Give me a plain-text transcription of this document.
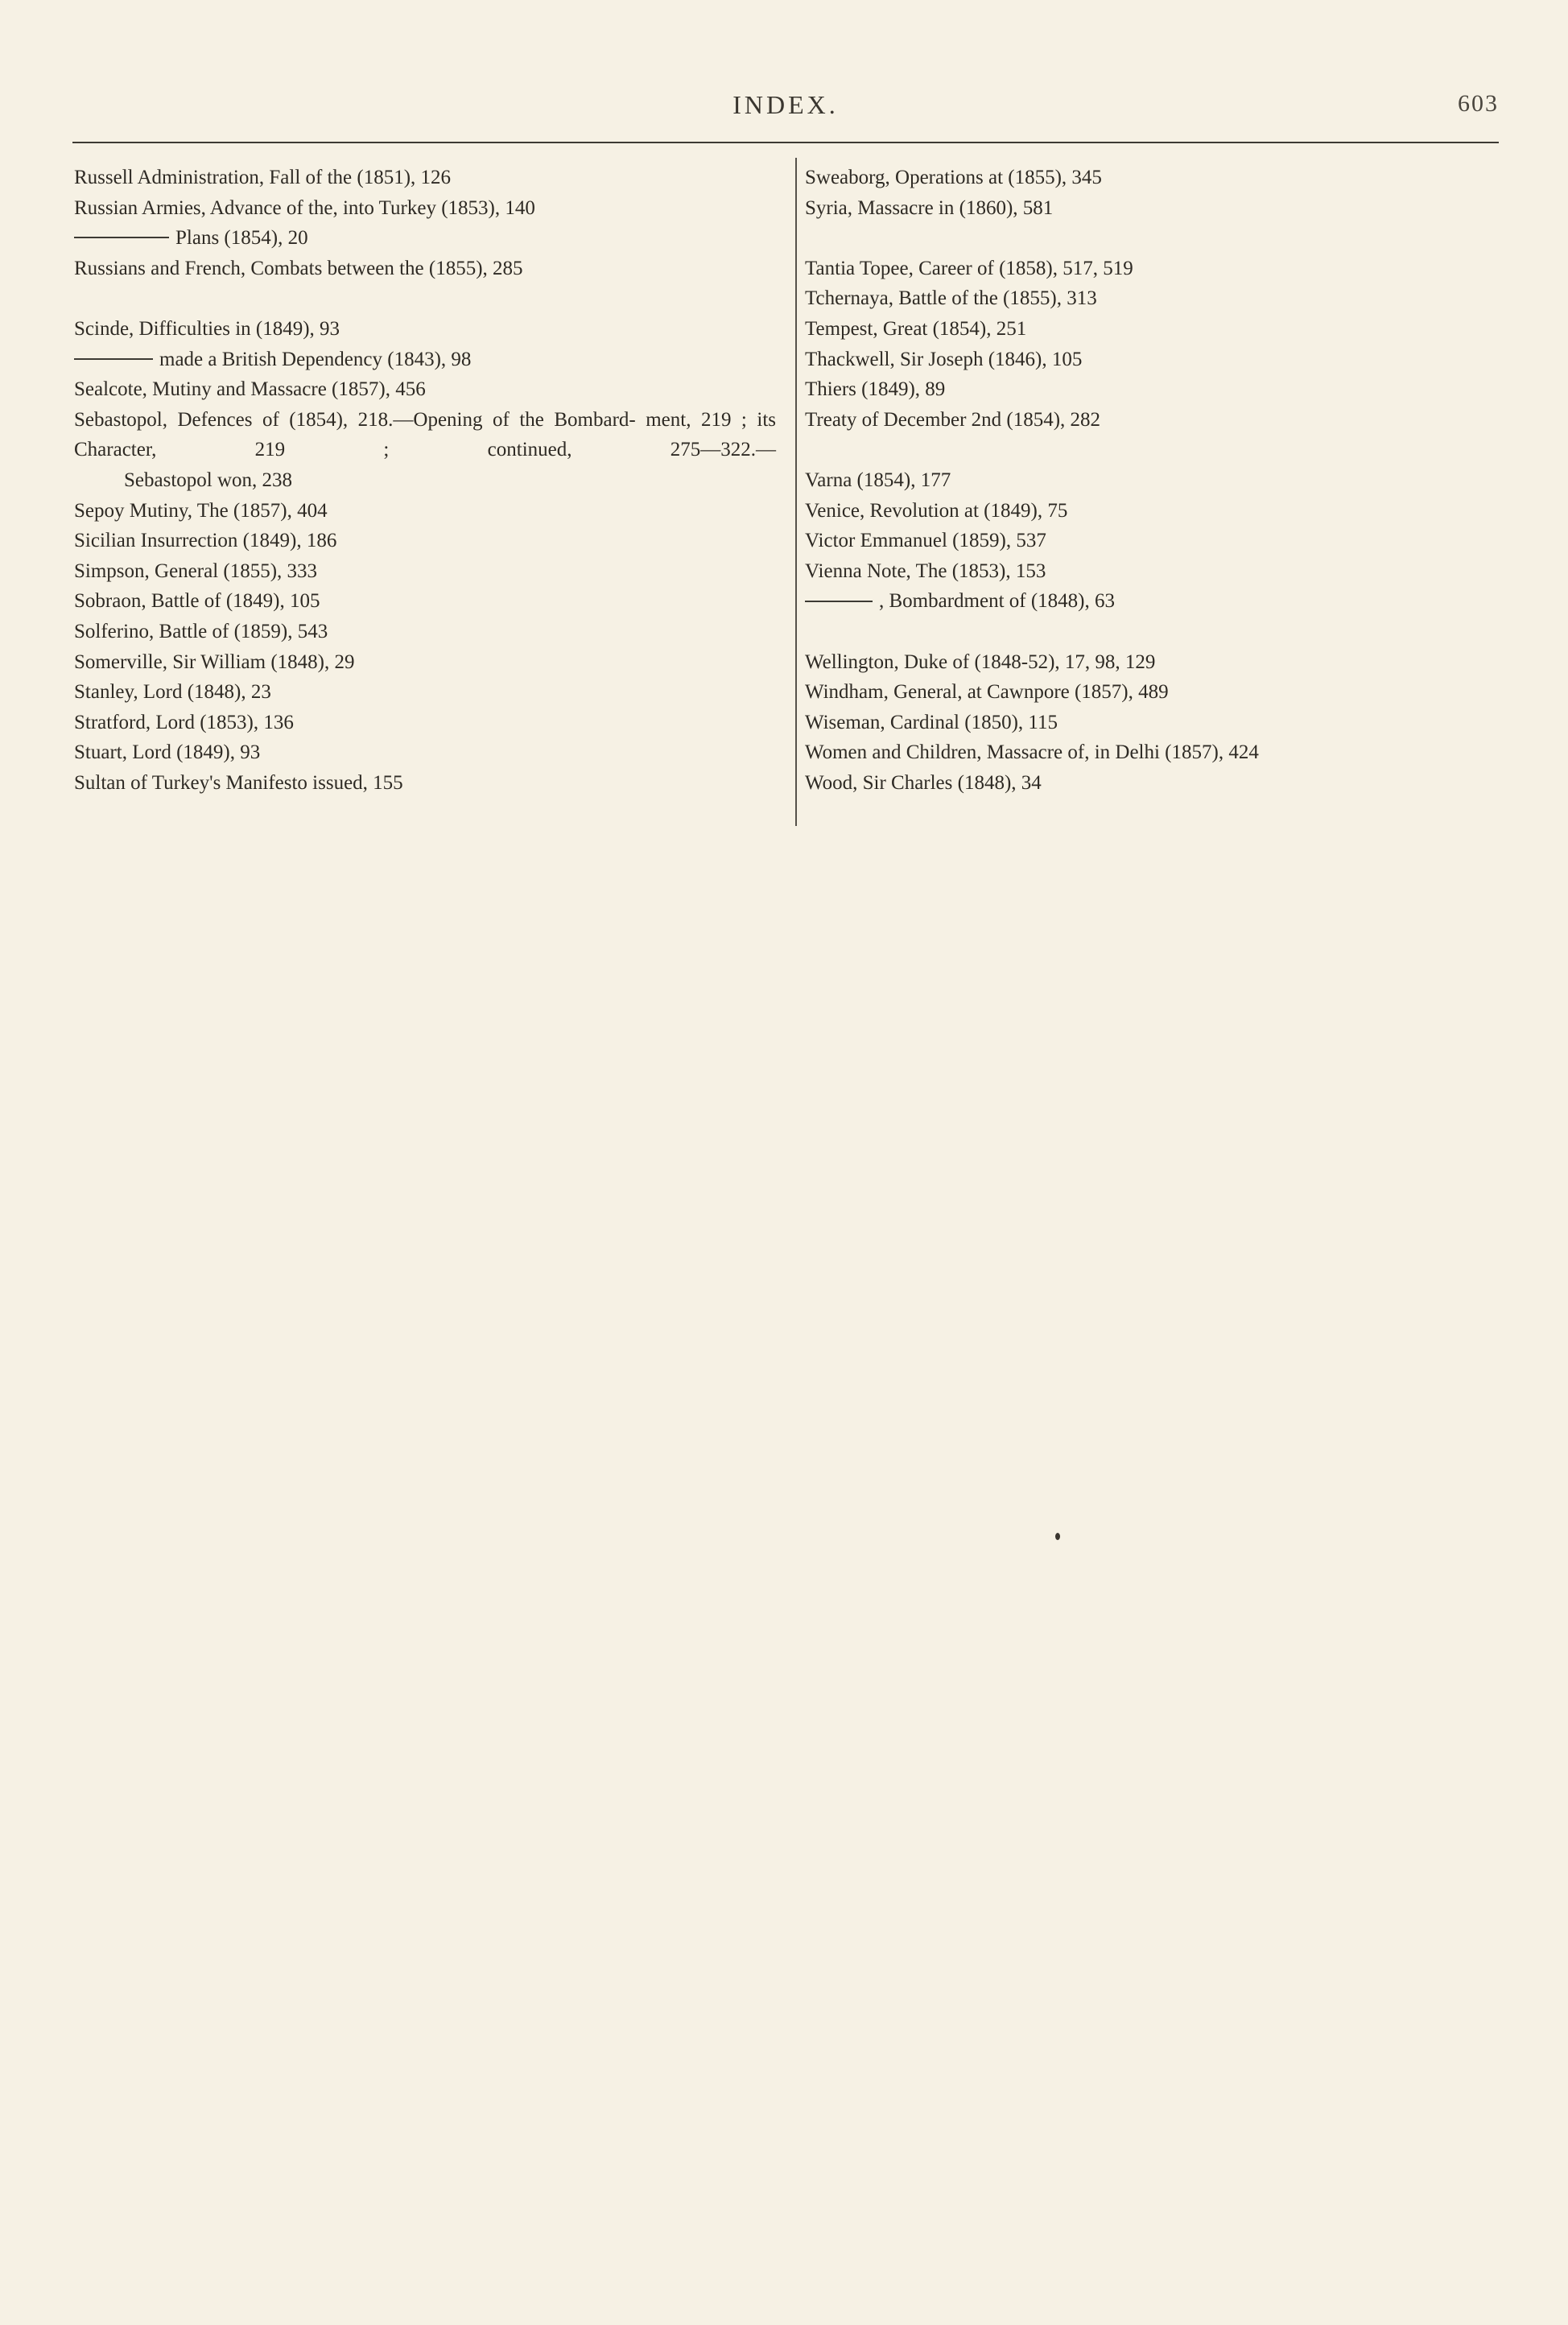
INDEX.	603
Russell Administration, Fall of the (1851), 126
Russian Armies, Advance of the, into Turkey (1853), 140
Plans (1854), 20
Russians and French, Combats between the (1855), 285
Scinde, Difficulties in (1849), 93
made a British Dependency (1843), 98
Sealcote, Mutiny and Massacre (1857), 456
Sebastopol, Defences of (1854), 218.—Opening of the Bombard- ment, 219 ; its Character, 219 ; continued, 275—322.—
Sebastopol won, 238
Sepoy Mutiny, The (1857), 404
Sicilian Insurrection (1849), 186
Simpson, General (1855), 333
Sobraon, Battle of (1849), 105
Solferino, Battle of (1859), 543
Somerville, Sir William (1848), 29
Stanley, Lord (1848), 23
Stratford, Lord (1853), 136
Stuart, Lord (1849), 93
Sultan of Turkey's Manifesto issued, 155
Sweaborg, Operations at (1855), 345
Syria, Massacre in (1860), 581
Tantia Topee, Career of (1858), 517, 519
Tchernaya, Battle of the (1855), 313
Tempest, Great (1854), 251
Thackwell, Sir Joseph (1846), 105
Thiers (1849), 89
Treaty of December 2nd (1854), 282
Varna (1854), 177
Venice, Revolution at (1849), 75
Victor Emmanuel (1859), 537
Vienna Note, The (1853), 153
, Bombardment of (1848), 63
Wellington, Duke of (1848-52), 17, 98, 129
Windham, General, at Cawnpore (1857), 489
Wiseman, Cardinal (1850), 115
Women and Children, Massacre of, in Delhi (1857), 424
Wood, Sir Charles (1848), 34
